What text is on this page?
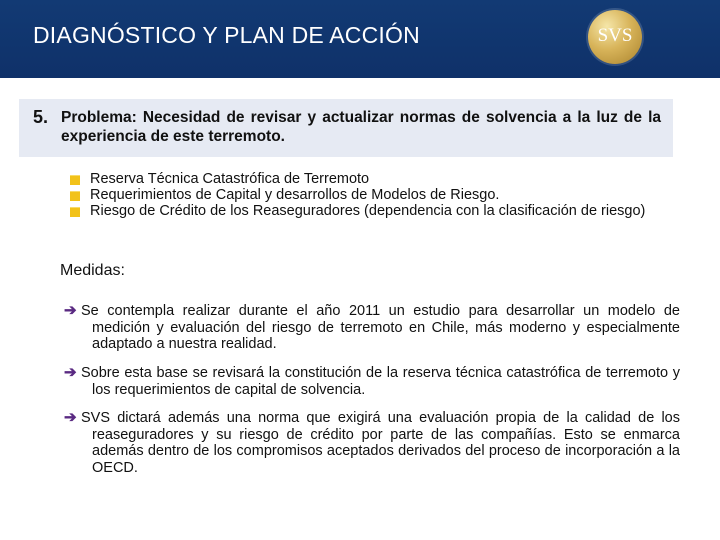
DIAGNÓSTICO Y PLAN DE ACCIÓN	SVS
5. Problema: Necesidad de revisar y actualizar normas de solvencia a la luz de la experiencia de este terremoto.
Reserva Técnica Catastrófica de Terremoto
Requerimientos de Capital y desarrollos de Modelos de Riesgo.
Riesgo de Crédito de los Reaseguradores (dependencia con la clasificación de riesgo)
Medidas:
➔ Se contempla realizar durante el año 2011 un estudio para desarrollar un modelo de medición y evaluación del riesgo de terremoto en Chile, más moderno y especialmente adaptado a nuestra realidad.
➔ Sobre esta base se revisará la constitución de la reserva técnica catastrófica de terremoto y los requerimientos de capital de solvencia.
➔ SVS dictará además una norma que exigirá una evaluación propia de la calidad de los reaseguradores y su riesgo de crédito por parte de las compañías. Esto se enmarca además dentro de los compromisos aceptados derivados del proceso de incorporación a la OECD.
